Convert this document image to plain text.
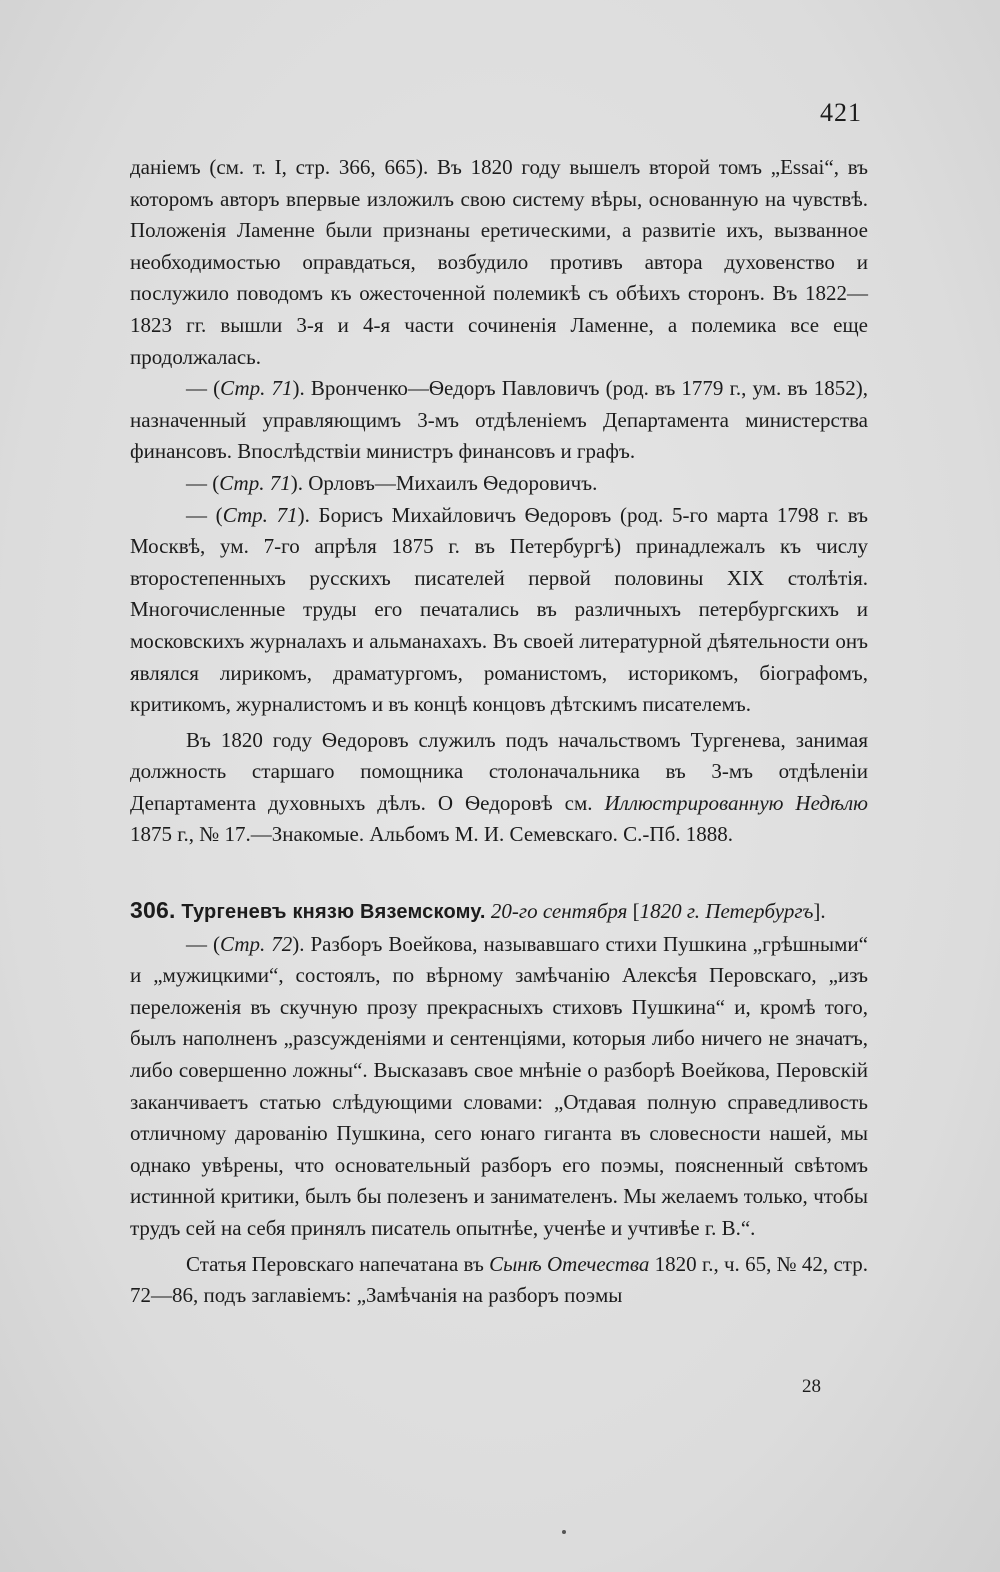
421

даніемъ (см. т. I, стр. 366, 665). Въ 1820 году вышелъ второй томъ „Essai“, въ которомъ авторъ впервые изложилъ свою систему вѣры, основанную на чувствѣ. Положенія Ламенне были признаны еретическими, а развитіе ихъ, вызванное необходимостью оправдаться, возбудило противъ автора духовенство и послужило поводомъ къ ожесточенной полемикѣ съ обѣихъ сторонъ. Въ 1822—1823 гг. вышли 3-я и 4-я части сочиненія Ламенне, а полемика все еще продолжалась.

— (Стр. 71). Вронченко—Ѳедоръ Павловичъ (род. въ 1779 г., ум. въ 1852), назначенный управляющимъ 3-мъ отдѣленіемъ Департамента министерства финансовъ. Впослѣдствіи министръ финансовъ и графъ.

— (Стр. 71). Орловъ—Михаилъ Ѳедоровичъ.

— (Стр. 71). Борисъ Михайловичъ Ѳедоровъ (род. 5-го марта 1798 г. въ Москвѣ, ум. 7-го апрѣля 1875 г. въ Петербургѣ) принадлежалъ къ числу второстепенныхъ русскихъ писателей первой половины XIX столѣтія. Многочисленные труды его печатались въ различныхъ петербургскихъ и московскихъ журналахъ и альманахахъ. Въ своей литературной дѣятельности онъ являлся лирикомъ, драматургомъ, романистомъ, историкомъ, біографомъ, критикомъ, журналистомъ и въ концѣ концовъ дѣтскимъ писателемъ.

Въ 1820 году Ѳедоровъ служилъ подъ начальствомъ Тургенева, занимая должность старшаго помощника столоначальника въ 3-мъ отдѣленіи Департамента духовныхъ дѣлъ. О Ѳедоровѣ см. Иллюстрированную Недѣлю 1875 г., № 17.—Знакомые. Альбомъ М. И. Семевскаго. С.-Пб. 1888.

306. Тургеневъ князю Вяземскому. 20-го сентября [1820 г. Петербургъ].

— (Стр. 72). Разборъ Воейкова, называвшаго стихи Пушкина „грѣшными“ и „мужицкими“, состоялъ, по вѣрному замѣчанію Алексѣя Перовскаго, „изъ переложенія въ скучную прозу прекрасныхъ стиховъ Пушкина“ и, кромѣ того, былъ наполненъ „разсужденіями и сентенціями, которыя либо ничего не значатъ, либо совершенно ложны“. Высказавъ свое мнѣніе о разборѣ Воейкова, Перовскій заканчиваетъ статью слѣдующими словами: „Отдавая полную справедливость отличному дарованію Пушкина, сего юнаго гиганта въ словесности нашей, мы однако увѣрены, что основательный разборъ его поэмы, поясненный свѣтомъ истинной критики, былъ бы полезенъ и занимателенъ. Мы желаемъ только, чтобы трудъ сей на себя принялъ писатель опытнѣе, ученѣе и учтивѣе г. В.“.

Статья Перовскаго напечатана въ Сынѣ Отечества 1820 г., ч. 65, № 42, стр. 72—86, подъ заглавіемъ: „Замѣчанія на разборъ поэмы

28
